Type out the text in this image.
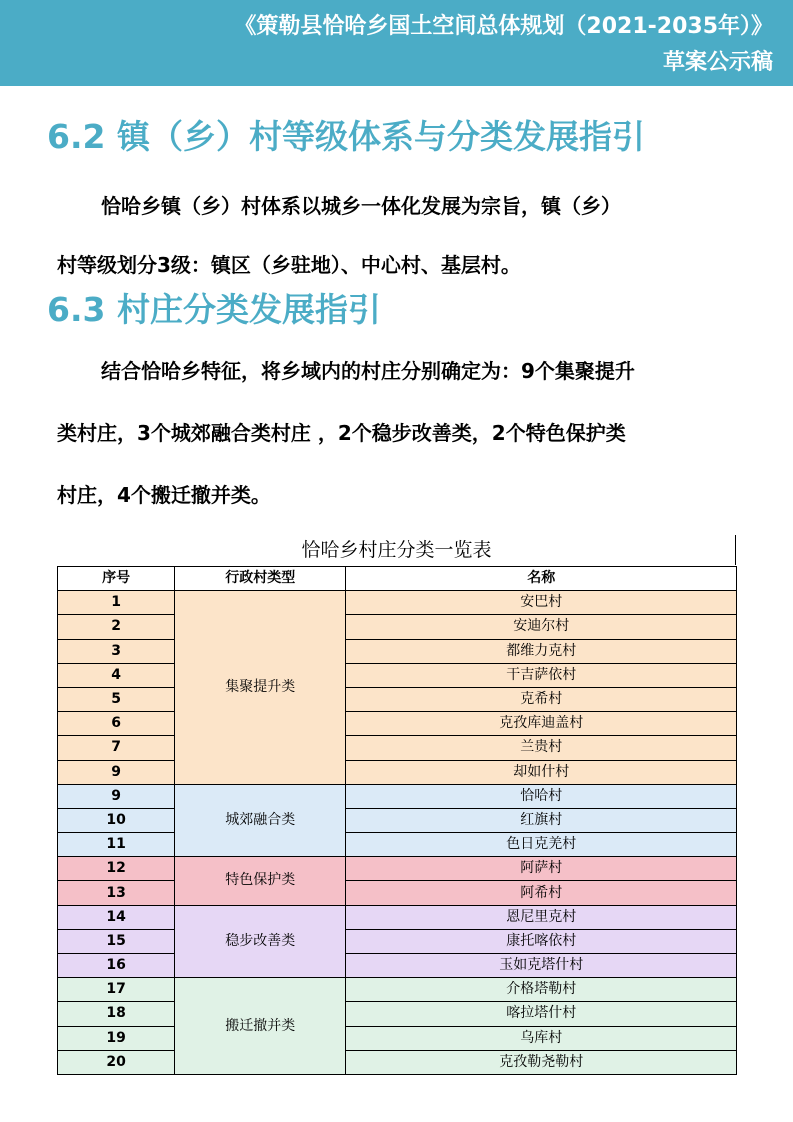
《策勒县恰哈乡国土空间总体规划（2021-2035年）》
草案公示稿
6.2 镇（乡）村等级体系与分类发展指引
恰哈乡镇（乡）村体系以城乡一体化发展为宗旨，镇（乡）
村等级划分3级：镇区（乡驻地）、中心村、基层村。
6.3 村庄分类发展指引
结合恰哈乡特征，将乡域内的村庄分别确定为：9个集聚提升
类村庄，3个城郊融合类村庄 ，2个稳步改善类，2个特色保护类
村庄，4个搬迁撤并类。
恰哈乡村庄分类一览表
序号	行政村类型	名称
1	集聚提升类	安巴村
2		安迪尔村
3		都维力克村
4		干吉萨依村
5		克希村
6		克孜库迪盖村
7		兰贵村
9		却如什村
9	城郊融合类	恰哈村
10		红旗村
11		色日克羌村
12	特色保护类	阿萨村
13		阿希村
14	稳步改善类	恩尼里克村
15		康托喀依村
16		玉如克塔什村
17	搬迁撤并类	介格塔勒村
18		喀拉塔什村
19		乌库村
20		克孜勒尧勒村
